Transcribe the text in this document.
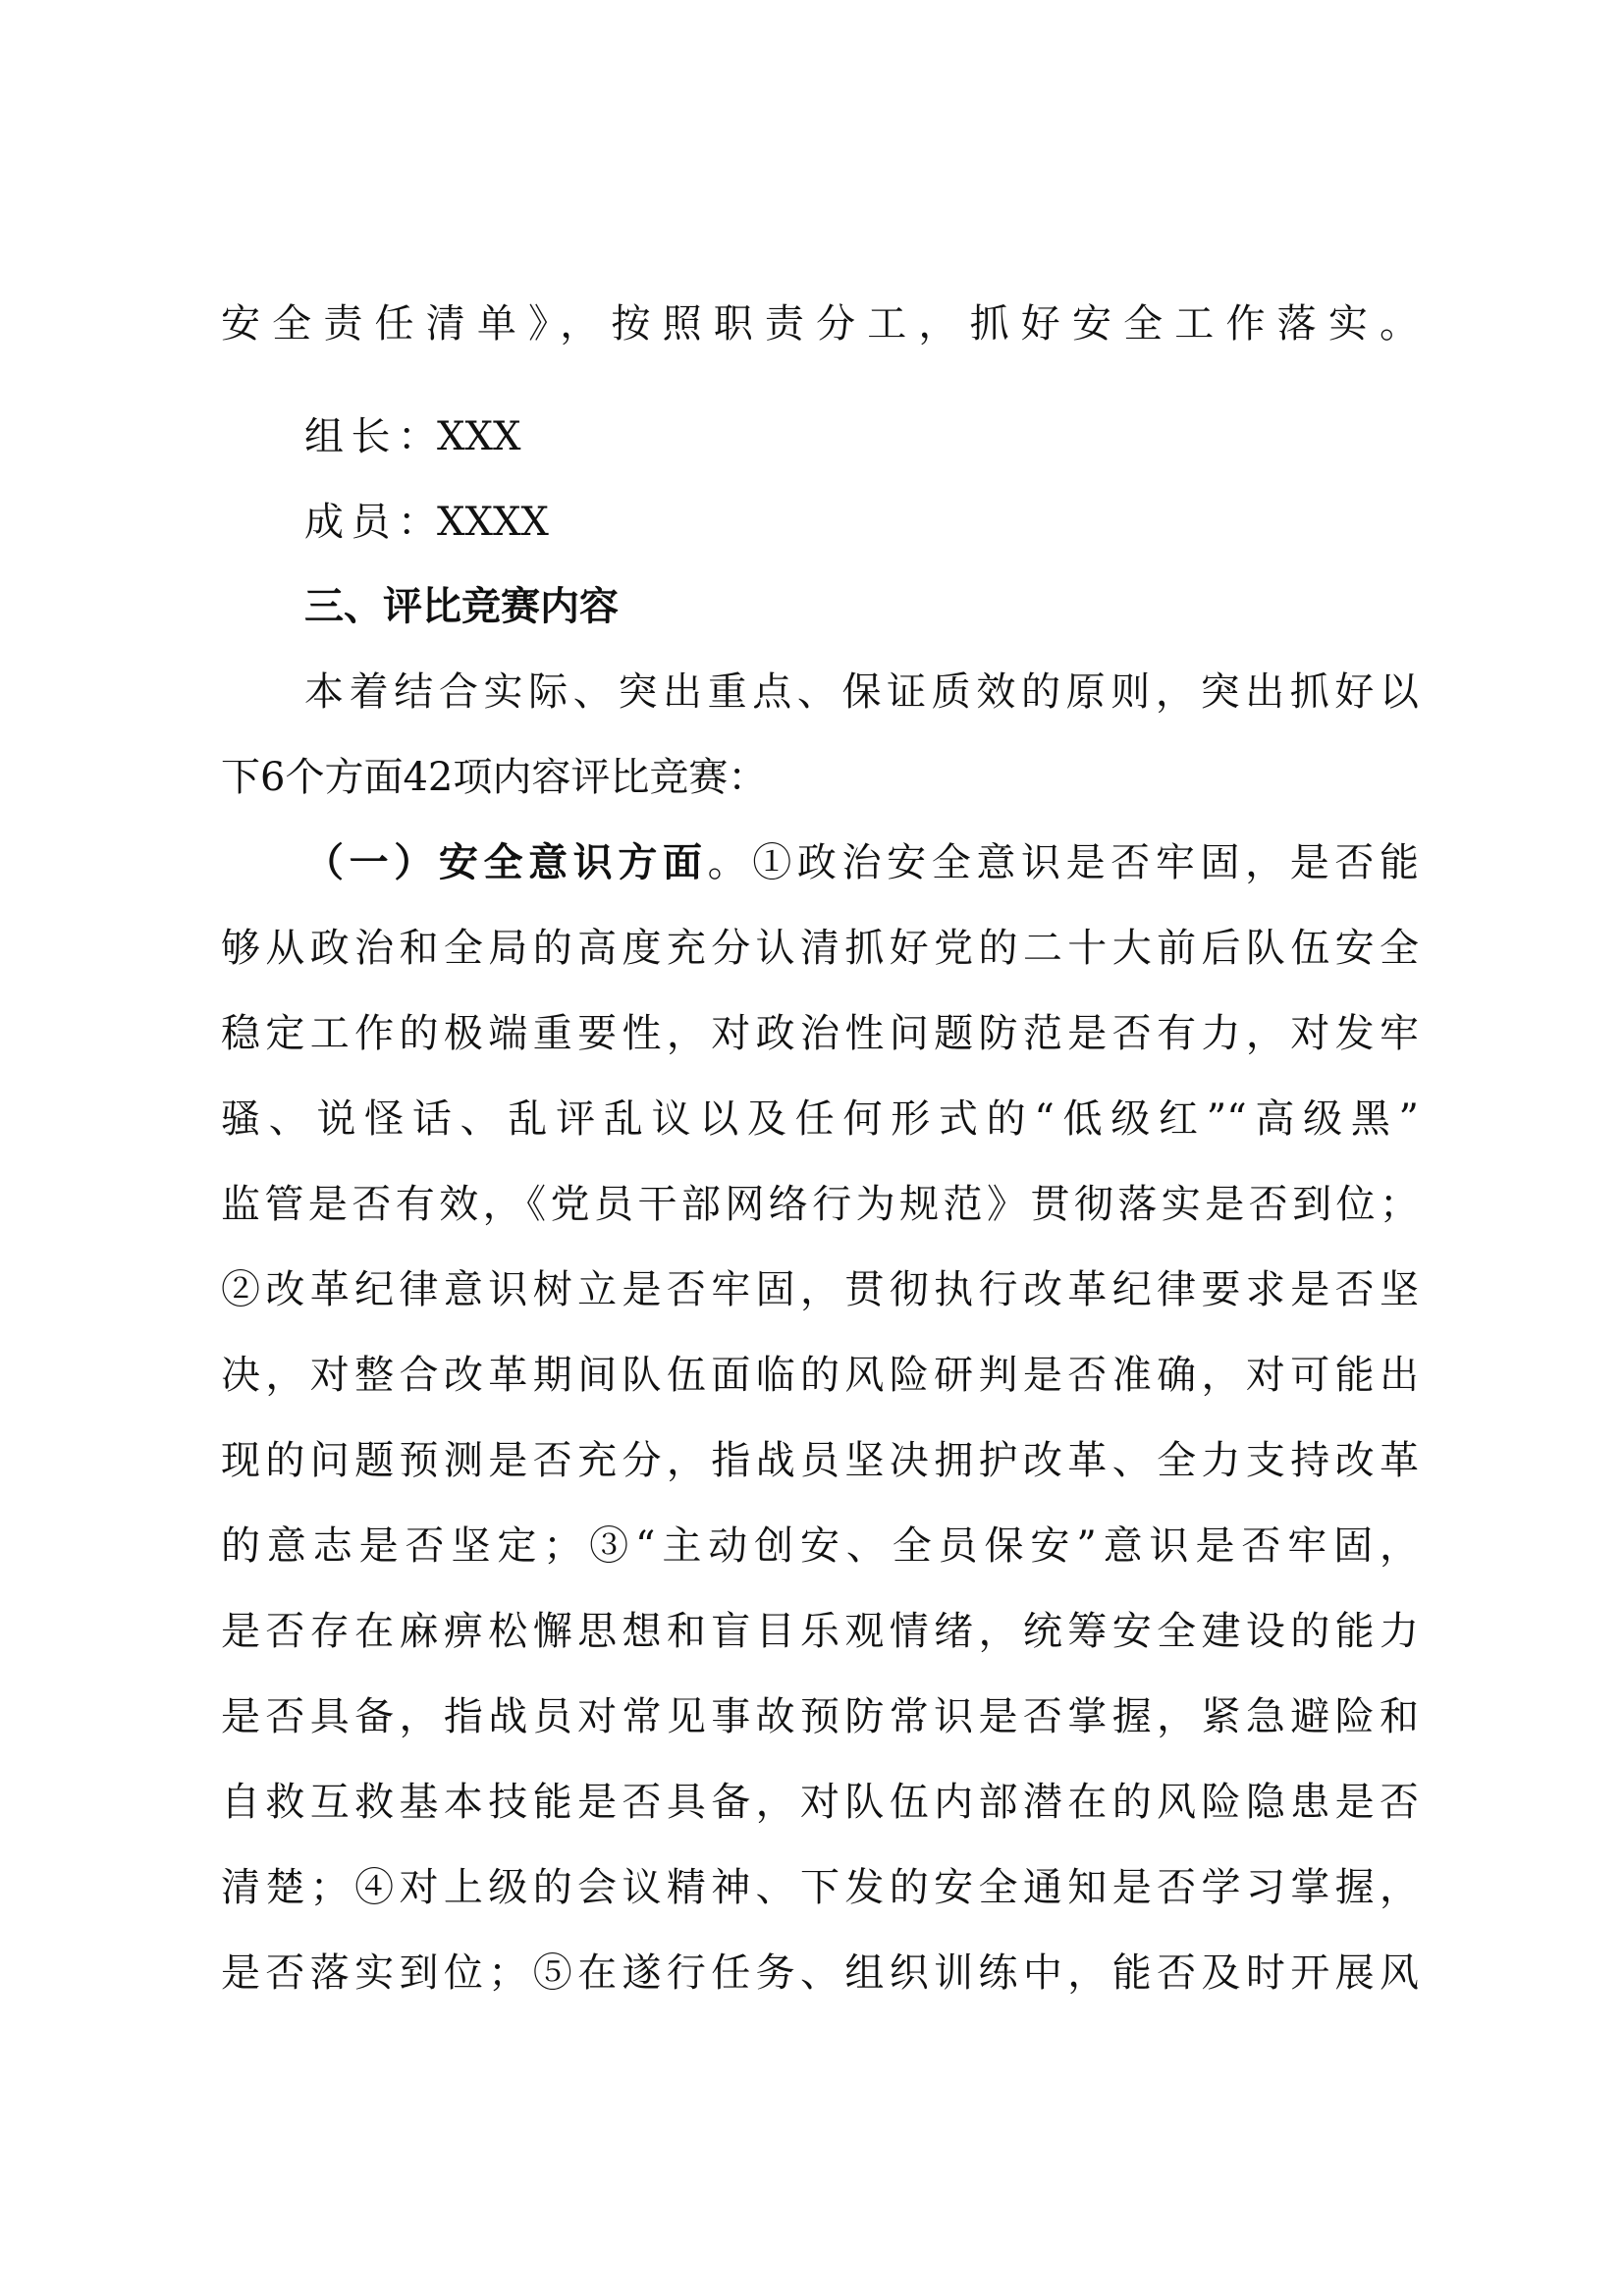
安全责任清单》，按照职责分工，抓好安全工作落实。
组长：XXX
成员：XXXX
三、评比竞赛内容
本着结合实际、突出重点、保证质效的原则，突出抓好以
下6个方面42项内容评比竞赛：
（一）安全意识方面。①政治安全意识是否牢固，是否能
够从政治和全局的高度充分认清抓好党的二十大前后队伍安全
稳定工作的极端重要性，对政治性问题防范是否有力，对发牢
骚、说怪话、乱评乱议以及任何形式的“低级红”“高级黑”
监管是否有效，《党员干部网络行为规范》贯彻落实是否到位；
②改革纪律意识树立是否牢固，贯彻执行改革纪律要求是否坚
决，对整合改革期间队伍面临的风险研判是否准确，对可能出
现的问题预测是否充分，指战员坚决拥护改革、全力支持改革
的意志是否坚定；③“主动创安、全员保安”意识是否牢固，
是否存在麻痹松懈思想和盲目乐观情绪，统筹安全建设的能力
是否具备，指战员对常见事故预防常识是否掌握，紧急避险和
自救互救基本技能是否具备，对队伍内部潜在的风险隐患是否
清楚；④对上级的会议精神、下发的安全通知是否学习掌握，
是否落实到位；⑤在遂行任务、组织训练中，能否及时开展风
